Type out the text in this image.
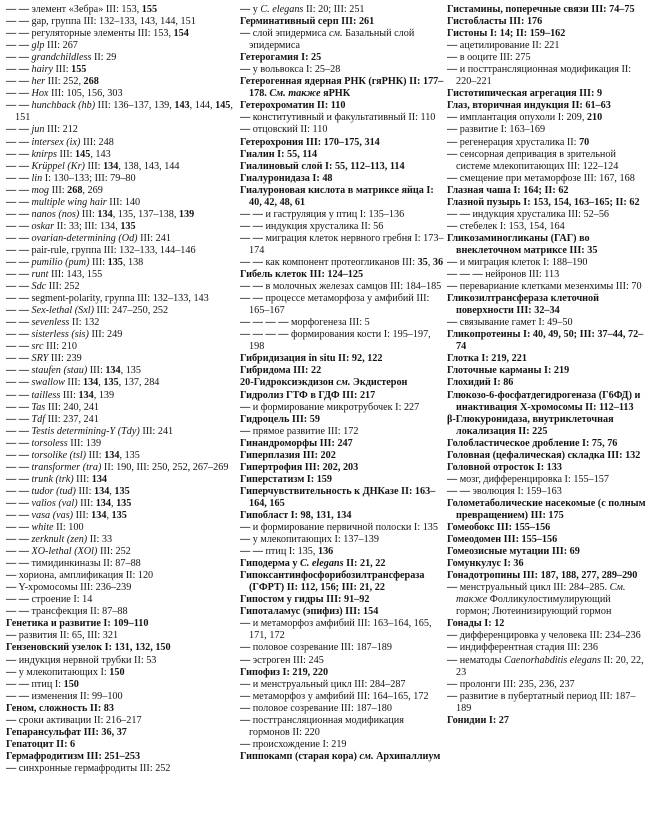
— — элемент «Зебра» III: 153, 155
— — gap, группа III: 132–133, 143, 144, 151
— — регуляторные элементы III: 153, 154
— — glp III: 267
— — grandchildless II: 29
— — hairy III: 155
— — her III: 252, 268
— — Hox III: 105, 156, 303
— — hunchback (hb) III: 136–137, 139, 143, 144, 145, 151
— — jun III: 212
— — intersex (ix) III: 248
— — knirps III: 145, 143
— — Krüppel (Kr) III: 134, 138, 143, 144
— — lin I: 130–133; III: 79–80
— — mog III: 268, 269
— — multiple wing hair III: 140
— — nanos (nos) III: 134, 135, 137–138, 139
— — oskar II: 33; III: 134, 135
— — ovarian-determining (Od) III: 241
— — pair-rule, группа III: 132–133, 144–146
— — pumilio (pum) III: 135, 138
— — runt III: 143, 155
— — Sdc III: 252
— — segment-polarity, группа III: 132–133, 143
— — Sex-lethal (Sxl) III: 247–250, 252
— — sevenless II: 132
— — sisterless (sis) III: 249
— — src III: 210
— — SRY III: 239
— — staufen (stau) III: 134, 135
— — swallow III: 134, 135, 137, 284
— — tailless III: 134, 139
— — Tas III: 240, 241
— — Tdf III: 237, 241
— — Testis determining-Y (Tdy) III: 241
— — torsoless III: 139
— — torsolike (tsl) III: 134, 135
— — transformer (tra) II: 190, III: 250, 252, 267–269
— — trunk (trk) III: 134
— — tudor (tud) III: 134, 135
— — valios (val) III: 134, 135
— — vasa (vas) III: 134, 135
— — white II: 100
— — zerknult (zen) II: 33
— — XO-lethal (XOl) III: 252
— — тимидинкиназы II: 87–88
— хориона, амплификация II: 120
— Y-хромосомы III: 236–239
— — строение I: 14
— — трансфекция II: 87–88
Генетика и развитие I: 109–110
— развития II: 65, III: 321
Гензеновский узелок I: 131, 132, 150
— индукция нервной трубки II: 53
— у млекопитающих I: 150
— — птиц I: 150
— — изменения II: 99–100
Геном, сложность II: 83
— сроки активации II: 216–217
Гепарансульфат III: 36, 37
Гепатоцит II: 6
Гермафродитизм III: 251–253
— синхронные гермафродиты III: 252
— у C. elegans II: 20; III: 251
Герминативный серп III: 261
— слой эпидермиса см. Базальный слой эпидермиса
Гетерогамия I: 25
— у вольвокса I: 25–28
Гетерогенная ядерная РНК (гяРНК) II: 177–178. См. также яРНК
Гетерохроматин II: 110
— конститутивный и факультативный II: 110
— отцовский II: 110
Гетерохрония III: 170–175, 314
Гиалин I: 55, 114
Гиалиновый слой I: 55, 112–113, 114
Гиалуронидаза I: 48
Гиалуроновая кислота в матриксе яйца I: 40, 42, 48, 61
— — и гаструляция у птиц I: 135–136
— — индукция хрусталика II: 56
— — миграция клеток нервного гребня I: 173–174
— — как компонент протеогликанов III: 35, 36
Гибель клеток III: 124–125
— — в молочных железах самцов III: 184–185
— — процессе метаморфоза у амфибий III: 165–167
— — — — морфогенеза III: 5
— — — — формирования кости I: 195–197, 198
Гибридизация in situ II: 92, 122
Гибридома III: 22
20-Гидроксиэкдизон см. Экдистерон
Гидролиз ГТФ в ГДФ III: 217
— и формирование микротрубочек I: 227
Гидроцель III: 59
— прямое развитие III: 172
Гинандроморфы III: 247
Гиперплазия III: 202
Гипертрофия III: 202, 203
Гиперстатизм I: 159
Гиперчувствительность к ДНКазе II: 163–164, 165
Гипобласт I: 98, 131, 134
— и формирование первичной полоски I: 135
— у млекопитающих I: 137–139
— — птиц I: 135, 136
Гиподерма у C. elegans II: 21, 22
Гипоксантинфосфорибозилтрансфераза (ГФРТ) II: 112, 156; III: 21, 22
Гипостом у гидры III: 91–92
Гипоталамус (эпифиз) III: 154
— и метаморфоз амфибий III: 163–164, 165, 171, 172
— половое созревание III: 187–189
— эстроген III: 245
Гипофиз I: 219, 220
— и менструальный цикл III: 284–287
— метаморфоз у амфибий III: 164–165, 172
— половое созревание III: 187–180
— посттрансляционная модификация гормонов II: 220
— происхождение I: 219
Гиппокамп (старая кора) см. Архипаллиум
Гистамины, поперечные связи III: 74–75
Гистобласты III: 176
Гистоны I: 14; II: 159–162
— ацетилирование II: 221
— в ооците III: 275
— и посттрансляционная модификация II: 220–221
Гистотипическая агрегация III: 9
Глаз, вторичная индукция II: 61–63
— имплантация опухоли I: 209, 210
— развитие I: 163–169
— регенерация хрусталика II: 70
— сенсорная депривация в зрительной системе млекопитающих III: 122–124
— смещение при метаморфозе III: 167, 168
Глазная чаша I: 164; II: 62
Глазной пузырь I: 153, 154, 163–165; II: 62
— — индукция хрусталика III: 52–56
— стебелек I: 153, 154, 164
Гликозаминогликаны (ГАГ) во внеклеточном матриксе III: 35
— и миграция клеток I: 188–190
— — — нейронов III: 113
— перевариание клетками мезенхимы III: 70
Гликозилтрансфераза клеточной поверхности III: 32–34
— связывание гамет I: 49–50
Гликопротеины I: 40, 49, 50; III: 37–44, 72–74
Глотка I: 219, 221
Глоточные карманы I: 219
Глохидий I: 86
Глюкозо-6-фосфатдегидрогеназа (Г6ФД) и инактивация Х-хромосомы II: 112–113
β-Глюкуронидаза, внутриклеточная локализация II: 225
Голобластическое дробление I: 75, 76
Головная (цефалическая) складка III: 132
Головной отросток I: 133
— мозг, дифференцировка I: 155–157
— — эволюция I: 159–163
Голометаболические насекомые (с полным превращением) III: 175
Гомеобокс III: 155–156
Гомеодомен III: 155–156
Гомеозисные мутации III: 69
Гомункулус I: 36
Гонадотропины III: 187, 188, 277, 289–290
— менструальный цикл III: 284–285. См. также Фолликулостимулирующий гормон; Лютеинизирующий гормон
Гонады I: 12
— дифференцировка у человека III: 234–236
— индифферентная стадия III: 236
— нематоды Caenorhabditis elegans II: 20, 22, 23
— пролонги III: 235, 236, 237
— развитие в пубертатный период III: 187–189
Гонидии I: 27
